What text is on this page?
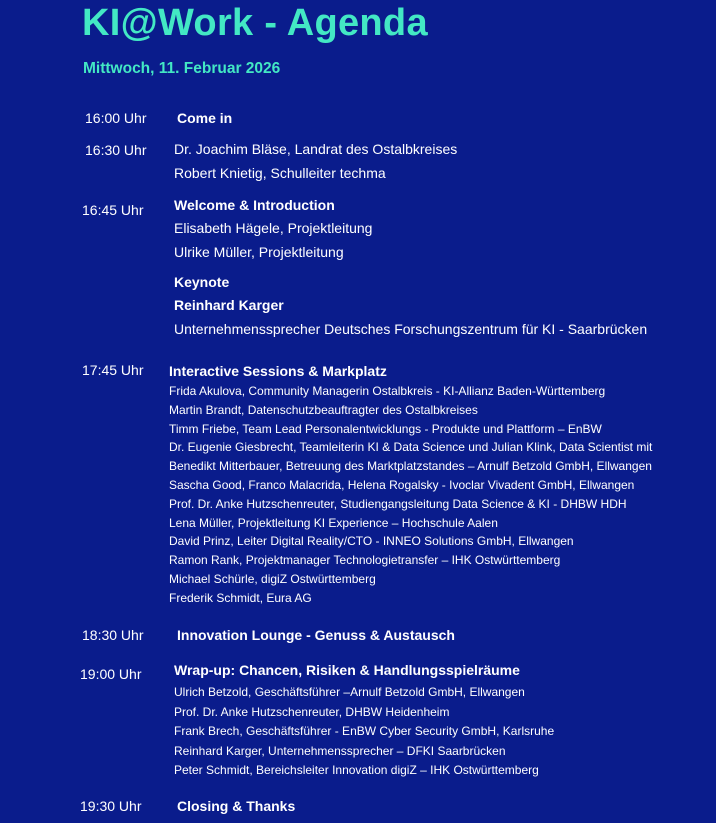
KI@Work - Agenda
Mittwoch, 11. Februar 2026
16:00 Uhr Come in
16:30 Uhr Dr. Joachim Bläse, Landrat des Ostalbkreises
Robert Knietig, Schulleiter techma
16:45 Uhr Welcome & Introduction
Elisabeth Hägele, Projektleitung
Ulrike Müller, Projektleitung
Keynote
Reinhard Karger
Unternehmenssprecher Deutsches Forschungszentrum für KI - Saarbrücken
17:45 Uhr Interactive Sessions & Markplatz
Frida Akulova, Community Managerin Ostalbkreis - KI-Allianz Baden-Württemberg
Martin Brandt, Datenschutzbeauftragter des Ostalbkreises
Timm Friebe, Team Lead Personalentwicklungs - Produkte und Plattform – EnBW
Dr. Eugenie Giesbrecht, Teamleiterin KI & Data Science und Julian Klink, Data Scientist mit
Benedikt Mitterbauer, Betreuung des Marktplatzstandes – Arnulf Betzold GmbH, Ellwangen
Sascha Good, Franco Malacrida, Helena Rogalsky - Ivoclar Vivadent GmbH, Ellwangen
Prof. Dr. Anke Hutzschenreuter, Studiengangsleitung Data Science & KI - DHBW HDH
Lena Müller, Projektleitung KI Experience – Hochschule Aalen
David Prinz, Leiter Digital Reality/CTO - INNEO Solutions GmbH, Ellwangen
Ramon Rank, Projektmanager Technologietransfer – IHK Ostwürttemberg
Michael Schürle, digiZ Ostwürttemberg
Frederik Schmidt, Eura AG
18:30 Uhr Innovation Lounge - Genuss & Austausch
19:00 Uhr Wrap-up: Chancen, Risiken & Handlungsspielräume
Ulrich Betzold, Geschäftsführer –Arnulf Betzold GmbH, Ellwangen
Prof. Dr. Anke Hutzschenreuter, DHBW Heidenheim
Frank Brech, Geschäftsführer - EnBW Cyber Security GmbH, Karlsruhe
Reinhard Karger, Unternehmenssprecher – DFKI Saarbrücken
Peter Schmidt, Bereichsleiter Innovation digiZ – IHK Ostwürttemberg
19:30 Uhr	Closing & Thanks
